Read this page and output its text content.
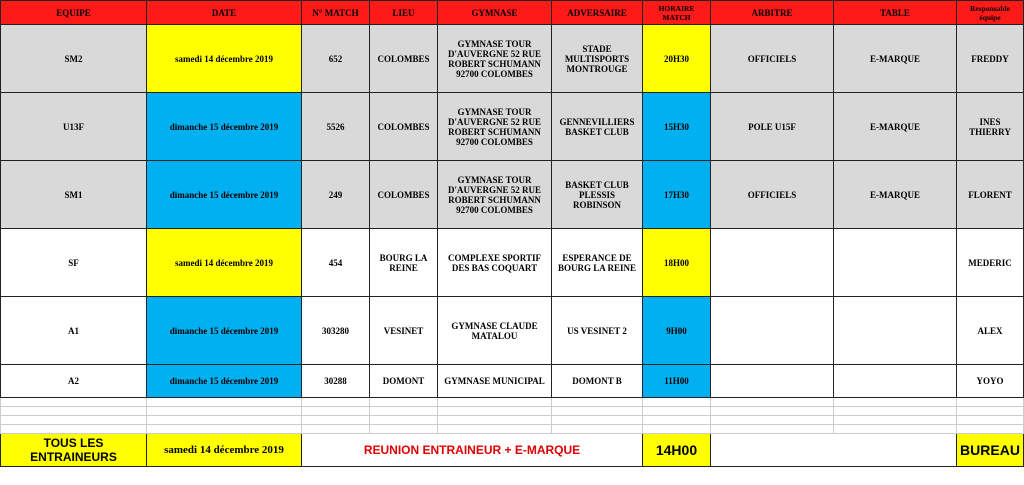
EQUIPE	DATE	N° MATCH	LIEU	GYMNASE	ADVERSAIRE	HORAIRE MATCH	ARBITRE	TABLE	Responsable équipe
SM2	samedi 14 décembre 2019	652	COLOMBES	GYMNASE TOUR D'AUVERGNE 52 RUE ROBERT SCHUMANN 92700 COLOMBES	STADE MULTISPORTS MONTROUGE	20H30	OFFICIELS	E-MARQUE	FREDDY
U13F	dimanche 15 décembre 2019	5526	COLOMBES	GYMNASE TOUR D'AUVERGNE 52 RUE ROBERT SCHUMANN 92700 COLOMBES	GENNEVILLIERS BASKET CLUB	15H30	POLE U15F	E-MARQUE	INES THIERRY
SM1	dimanche 15 décembre 2019	249	COLOMBES	GYMNASE TOUR D'AUVERGNE 52 RUE ROBERT SCHUMANN 92700 COLOMBES	BASKET CLUB PLESSIS ROBINSON	17H30	OFFICIELS	E-MARQUE	FLORENT
SF	samedi 14 décembre 2019	454	BOURG LA REINE	COMPLEXE SPORTIF DES BAS COQUART	ESPERANCE DE BOURG LA REINE	18H00			MEDERIC
A1	dimanche 15 décembre 2019	303280	VESINET	GYMNASE CLAUDE MATALOU	US VESINET 2	9H00			ALEX
A2	dimanche 15 décembre 2019	30288	DOMONT	GYMNASE MUNICIPAL	DOMONT B	11H00			YOYO

TOUS LES ENTRAINEURS	samedi 14 décembre 2019	REUNION ENTRAINEUR + E-MARQUE				14H00			BUREAU
